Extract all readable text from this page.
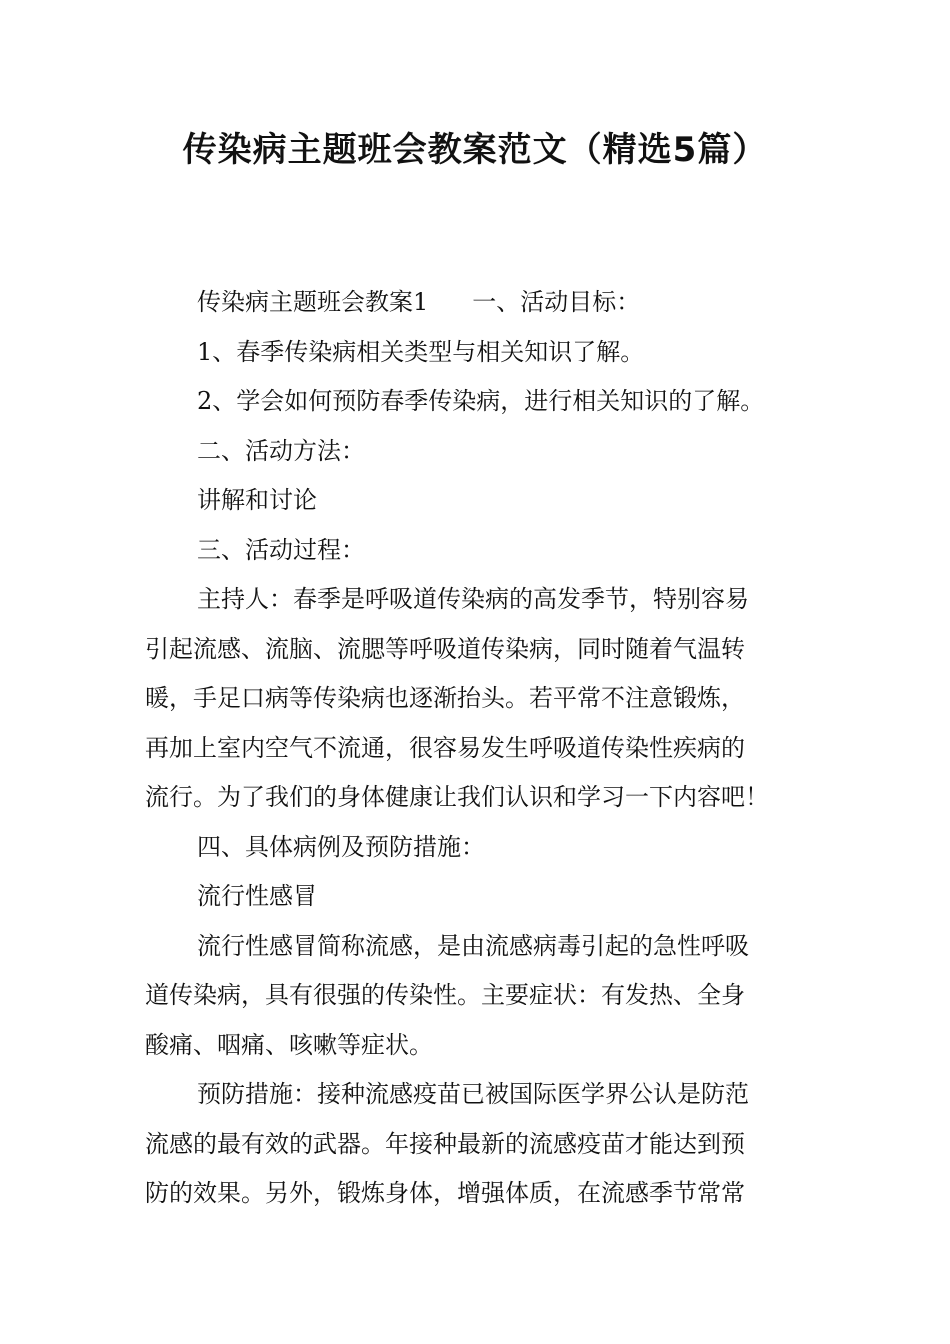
传染病主题班会教案范文（精选5篇）
传染病主题班会教案1 一、活动目标：
1、春季传染病相关类型与相关知识了解。
2、学会如何预防春季传染病，进行相关知识的了解。
二、活动方法：
讲解和讨论
三、活动过程：
主持人：春季是呼吸道传染病的高发季节，特别容易
引起流感、流脑、流腮等呼吸道传染病，同时随着气温转
暖，手足口病等传染病也逐渐抬头。若平常不注意锻炼，
再加上室内空气不流通，很容易发生呼吸道传染性疾病的
流行。为了我们的身体健康让我们认识和学习一下内容吧！
四、具体病例及预防措施：
流行性感冒
流行性感冒简称流感，是由流感病毒引起的急性呼吸
道传染病，具有很强的传染性。主要症状：有发热、全身
酸痛、咽痛、咳嗽等症状。
预防措施：接种流感疫苗已被国际医学界公认是防范
流感的最有效的武器。年接种最新的流感疫苗才能达到预
防的效果。另外，锻炼身体，增强体质，在流感季节常常
